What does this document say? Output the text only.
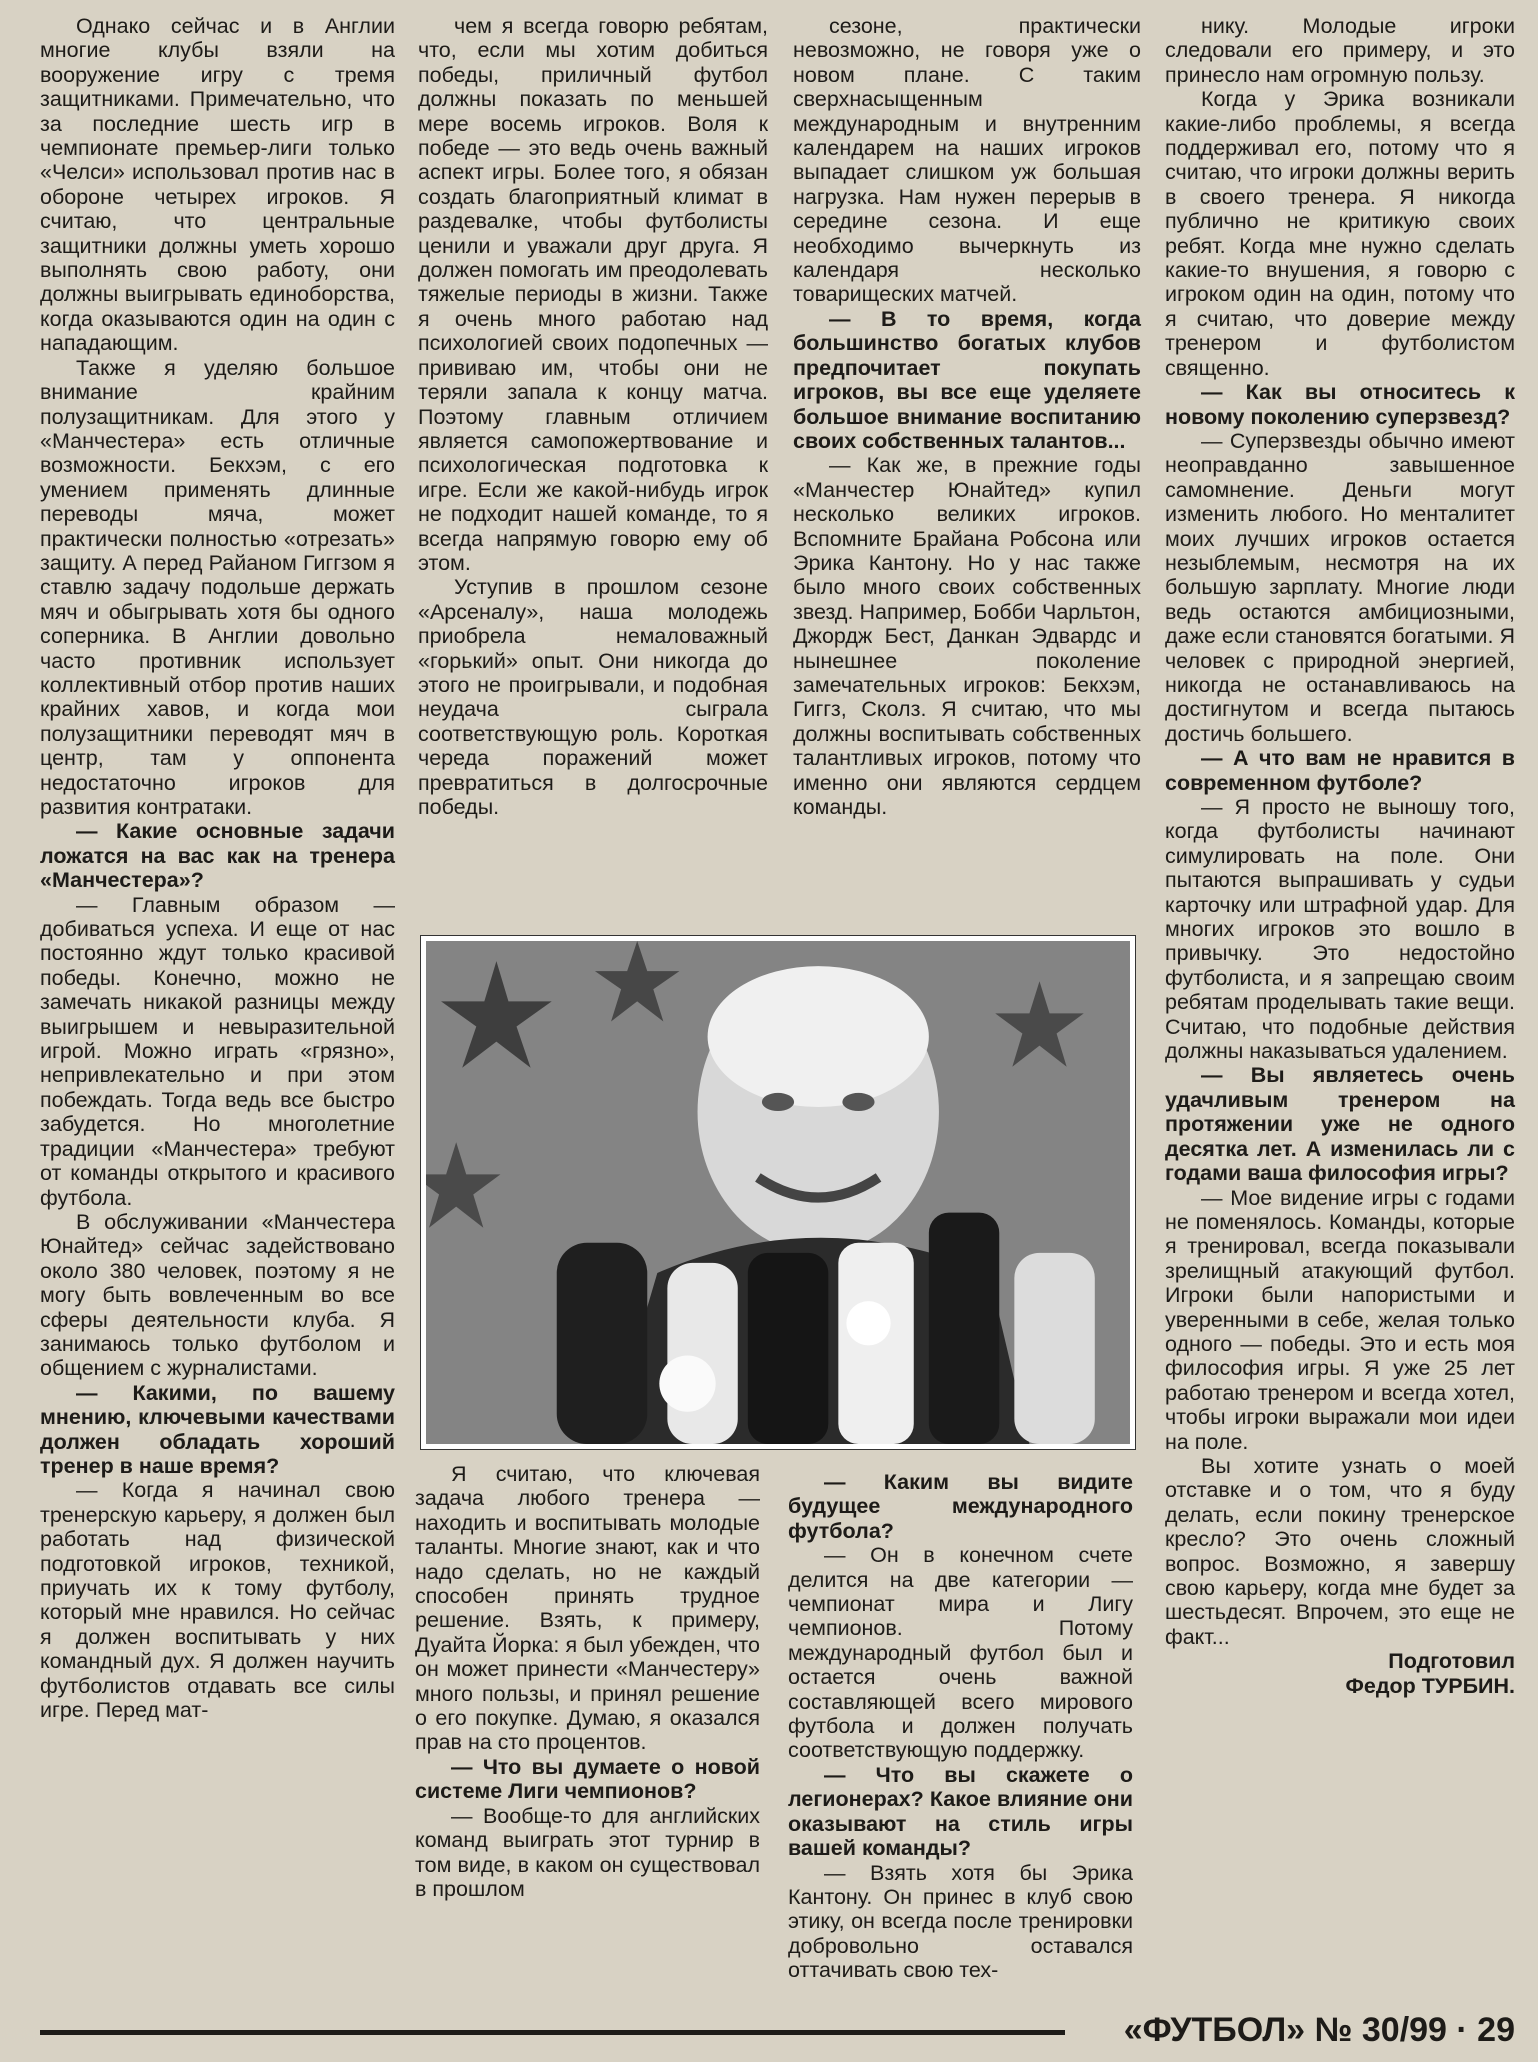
Однако сейчас и в Англии многие клубы взяли на вооружение игру с тремя защитниками. Примечательно, что за последние шесть игр в чемпионате премьер-лиги только «Челси» использовал против нас в обороне четырех игроков. Я считаю, что центральные защитники должны уметь хорошо выполнять свою работу, они должны выигрывать единоборства, когда оказываются один на один с нападающим.

Также я уделяю большое внимание крайним полузащитникам. Для этого у «Манчестера» есть отличные возможности. Бекхэм, с его умением применять длинные переводы мяча, может практически полностью «отрезать» защиту. А перед Райаном Гиггзом я ставлю задачу подольше держать мяч и обыгрывать хотя бы одного соперника. В Англии довольно часто противник использует коллективный отбор против наших крайних хавов, и когда мои полузащитники переводят мяч в центр, там у оппонента недостаточно игроков для развития контратаки.

— Какие основные задачи ложатся на вас как на тренера «Манчестера»?

— Главным образом — добиваться успеха. И еще от нас постоянно ждут только красивой победы. Конечно, можно не замечать никакой разницы между выигрышем и невыразительной игрой. Можно играть «грязно», непривлекательно и при этом побеждать. Тогда ведь все быстро забудется. Но многолетние традиции «Манчестера» требуют от команды открытого и красивого футбола.

В обслуживании «Манчестера Юнайтед» сейчас задействовано около 380 человек, поэтому я не могу быть вовлеченным во все сферы деятельности клуба. Я занимаюсь только футболом и общением с журналистами.

— Какими, по вашему мнению, ключевыми качествами должен обладать хороший тренер в наше время?

— Когда я начинал свою тренерскую карьеру, я должен был работать над физической подготовкой игроков, техникой, приучать их к тому футболу, который мне нравился. Но сейчас я должен воспитывать у них командный дух. Я должен научить футболистов отдавать все силы игре. Перед мат-

чем я всегда говорю ребятам, что, если мы хотим добиться победы, приличный футбол должны показать по меньшей мере восемь игроков. Воля к победе — это ведь очень важный аспект игры. Более того, я обязан создать благоприятный климат в раздевалке, чтобы футболисты ценили и уважали друг друга. Я должен помогать им преодолевать тяжелые периоды в жизни. Также я очень много работаю над психологией своих подопечных — прививаю им, чтобы они не теряли запала к концу матча. Поэтому главным отличием является самопожертвование и психологическая подготовка к игре. Если же какой-нибудь игрок не подходит нашей команде, то я всегда напрямую говорю ему об этом.

Уступив в прошлом сезоне «Арсеналу», наша молодежь приобрела немаловажный «горький» опыт. Они никогда до этого не проигрывали, и подобная неудача сыграла соответствующую роль. Короткая череда поражений может превратиться в долгосрочные победы.

сезоне, практически невозможно, не говоря уже о новом плане. С таким сверхнасыщенным международным и внутренним календарем на наших игроков выпадает слишком уж большая нагрузка. Нам нужен перерыв в середине сезона. И еще необходимо вычеркнуть из календаря несколько товарищеских матчей.

— В то время, когда большинство богатых клубов предпочитает покупать игроков, вы все еще уделяете большое внимание воспитанию своих собственных талантов...

— Как же, в прежние годы «Манчестер Юнайтед» купил несколько великих игроков. Вспомните Брайана Робсона или Эрика Кантону. Но у нас также было много своих собственных звезд. Например, Бобби Чарльтон, Джордж Бест, Данкан Эдвардс и нынешнее поколение замечательных игроков: Бекхэм, Гиггз, Сколз. Я считаю, что мы должны воспитывать собственных талантливых игроков, потому что именно они являются сердцем команды.

нику. Молодые игроки следовали его примеру, и это принесло нам огромную пользу.

Когда у Эрика возникали какие-либо проблемы, я всегда поддерживал его, потому что я считаю, что игроки должны верить в своего тренера. Я никогда публично не критикую своих ребят. Когда мне нужно сделать какие-то внушения, я говорю с игроком один на один, потому что я считаю, что доверие между тренером и футболистом священно.

— Как вы относитесь к новому поколению суперзвезд?

— Суперзвезды обычно имеют неоправданно завышенное самомнение. Деньги могут изменить любого. Но менталитет моих лучших игроков остается незыблемым, несмотря на их большую зарплату. Многие люди ведь остаются амбициозными, даже если становятся богатыми. Я человек с природной энергией, никогда не останавливаюсь на достигнутом и всегда пытаюсь достичь большего.

— А что вам не нравится в современном футболе?

— Я просто не выношу того, когда футболисты начинают симулировать на поле. Они пытаются выпрашивать у судьи карточку или штрафной удар. Для многих игроков это вошло в привычку. Это недостойно футболиста, и я запрещаю своим ребятам проделывать такие вещи. Считаю, что подобные действия должны наказываться удалением.

— Вы являетесь очень удачливым тренером на протяжении уже не одного десятка лет. А изменилась ли с годами ваша философия игры?

— Мое видение игры с годами не поменялось. Команды, которые я тренировал, всегда показывали зрелищный атакующий футбол. Игроки были напористыми и уверенными в себе, желая только одного — победы. Это и есть моя философия игры. Я уже 25 лет работаю тренером и всегда хотел, чтобы игроки выражали мои идеи на поле.

Вы хотите узнать о моей отставке и о том, что я буду делать, если покину тренерское кресло? Это очень сложный вопрос. Возможно, я завершу свою карьеру, когда мне будет за шестьдесят. Впрочем, это еще не факт...

Подготовил

Федор ТУРБИН.

Я считаю, что ключевая задача любого тренера — находить и воспитывать молодые таланты. Многие знают, как и что надо сделать, но не каждый способен принять трудное решение. Взять, к примеру, Дуайта Йорка: я был убежден, что он может принести «Манчестеру» много пользы, и принял решение о его покупке. Думаю, я оказался прав на сто процентов.

— Что вы думаете о новой системе Лиги чемпионов?

— Вообще-то для английских команд выиграть этот турнир в том виде, в каком он существовал в прошлом

— Каким вы видите будущее международного футбола?

— Он в конечном счете делится на две категории — чемпионат мира и Лигу чемпионов. Потому международный футбол был и остается очень важной составляющей всего мирового футбола и должен получать соответствующую поддержку.

— Что вы скажете о легионерах? Какое влияние они оказывают на стиль игры вашей команды?

— Взять хотя бы Эрика Кантону. Он принес в клуб свою этику, он всегда после тренировки добровольно оставался оттачивать свою тех-

«ФУТБОЛ» № 30/99 · 29
